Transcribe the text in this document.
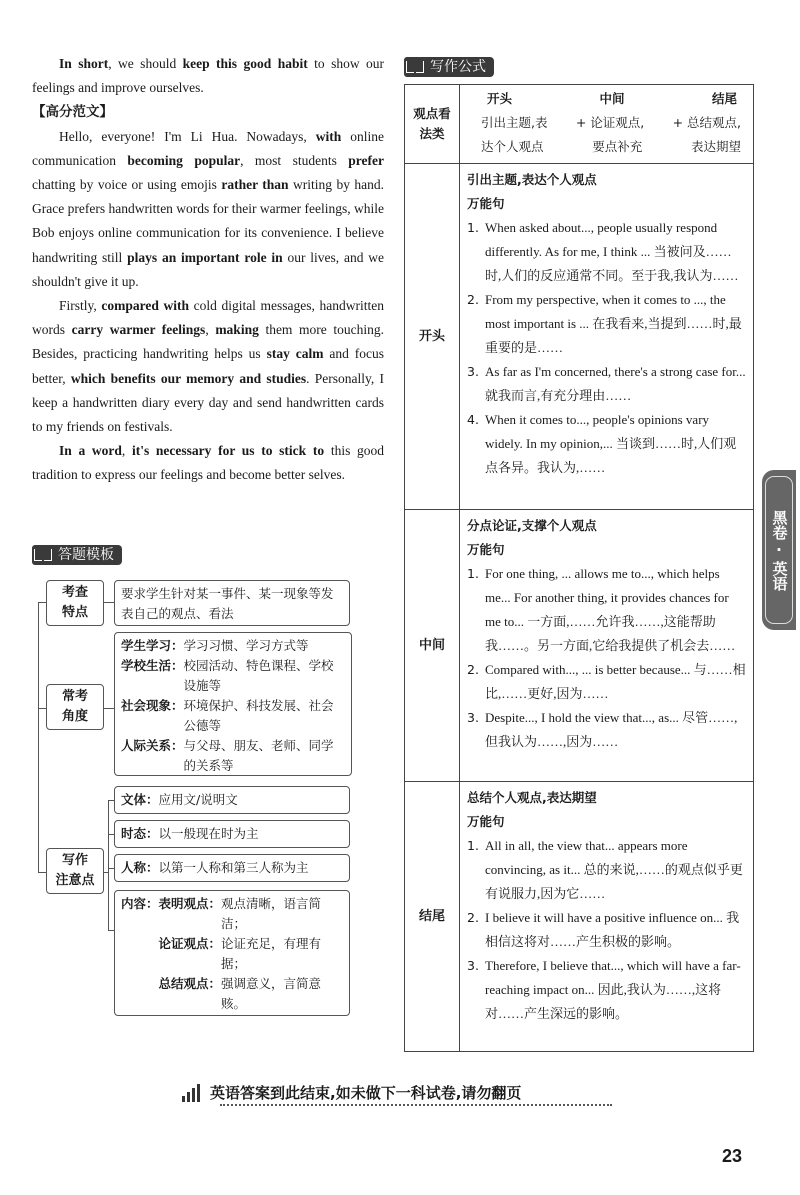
In short, we should keep this good habit to show our feelings and improve ourselves.

【高分范文】

Hello, everyone! I'm Li Hua. Nowadays, with online communication becoming popular, most students prefer chatting by voice or using emojis rather than writing by hand. Grace prefers handwritten words for their warmer feelings, while Bob enjoys online communication for its convenience. I believe handwriting still plays an important role in our lives, and we shouldn't give it up.

Firstly, compared with cold digital messages, handwritten words carry warmer feelings, making them more touching. Besides, practicing handwriting helps us stay calm and focus better, which benefits our memory and studies. Personally, I keep a handwritten diary every day and send handwritten cards to my friends on festivals.

In a word, it's necessary for us to stick to this good tradition to express our feelings and become better selves.

答题模板
考查
特点
要求学生针对某一事件、某一现象等发表自己的观点、看法
常考
角度
学生学习： 学习习惯、学习方式等
学校生活： 校园活动、特色课程、学校设施等
社会现象： 环境保护、科技发展、社会公德等
人际关系： 与父母、朋友、老师、同学的关系等
写作
注意点
文体：应用文/说明文
时态：以一般现在时为主
人称：以第一人称和第三人称为主
内容： 表明观点： 观点清晰，语言简洁；
论证观点： 论证充足，有理有据；
总结观点： 强调意义，言简意赅。
写作公式
观点看
法类
开头	中间	结尾
引出主题,表 + 论证观点, + 总结观点,
达个人观点	要点补充	表达期望
开头
引出主题,表达个人观点
万能句
1. When asked about..., people usually respond differently. As for me, I think ... 当被问及……时,人们的反应通常不同。至于我,我认为……
2. From my perspective, when it comes to ..., the most important is ... 在我看来,当提到……时,最重要的是……
3. As far as I'm concerned, there's a strong case for... 就我而言,有充分理由……
4. When it comes to..., people's opinions vary widely. In my opinion,... 当谈到……时,人们观点各异。我认为,……
中间
分点论证,支撑个人观点
万能句
1. For one thing, ... allows me to..., which helps me... For another thing, it provides chances for me to... 一方面,……允许我……,这能帮助我……。另一方面,它给我提供了机会去……
2. Compared with..., ... is better because... 与……相比,……更好,因为……
3. Despite..., I hold the view that..., as... 尽管……,但我认为……,因为……
结尾
总结个人观点,表达期望
万能句
1. All in all, the view that... appears more convincing, as it... 总的来说,……的观点似乎更有说服力,因为它……
2. I believe it will have a positive influence on... 我相信这将对……产生积极的影响。
3. Therefore, I believe that..., which will have a far-reaching impact on... 因此,我认为……,这将对……产生深远的影响。
黑卷
·
英语
英语答案到此结束,如未做下一科试卷,请勿翻页
23
